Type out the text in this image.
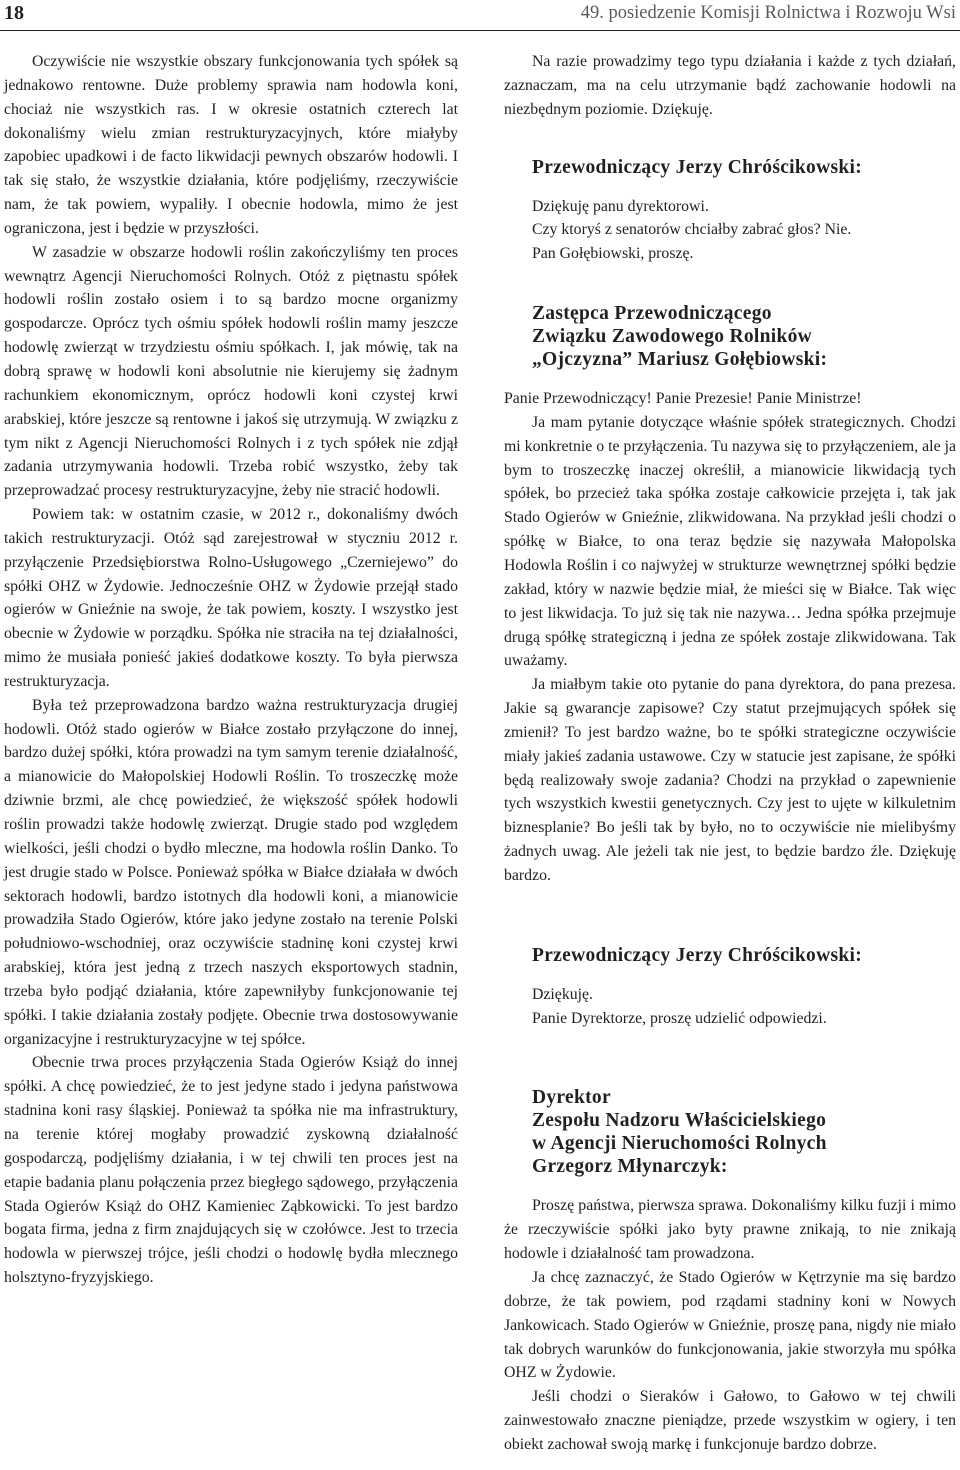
18	49. posiedzenie Komisji Rolnictwa i Rozwoju Wsi

Oczywiście nie wszystkie obszary funkcjonowania tych spółek są jednakowo rentowne. Duże problemy sprawia nam hodowla koni, chociaż nie wszystkich ras. I w okresie ostatnich czterech lat dokonaliśmy wielu zmian restrukturyzacyjnych, które miałyby zapobiec upadkowi i de facto likwidacji pewnych obszarów hodowli. I tak się stało, że wszystkie działania, które podjęliśmy, rzeczywiście nam, że tak powiem, wypaliły. I obecnie hodowla, mimo że jest ograniczona, jest i będzie w przyszłości.

W zasadzie w obszarze hodowli roślin zakończyliśmy ten proces wewnątrz Agencji Nieruchomości Rolnych. Otóż z piętnastu spółek hodowli roślin zostało osiem i to są bardzo mocne organizmy gospodarcze. Oprócz tych ośmiu spółek hodowli roślin mamy jeszcze hodowlę zwierząt w trzydziestu ośmiu spółkach. I, jak mówię, tak na dobrą sprawę w hodowli koni absolutnie nie kierujemy się żadnym rachunkiem ekonomicznym, oprócz hodowli koni czystej krwi arabskiej, które jeszcze są rentowne i jakoś się utrzymują. W związku z tym nikt z Agencji Nieruchomości Rolnych i z tych spółek nie zdjął zadania utrzymywania hodowli. Trzeba robić wszystko, żeby tak przeprowadzać procesy restrukturyzacyjne, żeby nie stracić hodowli.

Powiem tak: w ostatnim czasie, w 2012 r., dokonaliśmy dwóch takich restrukturyzacji. Otóż sąd zarejestrował w styczniu 2012 r. przyłączenie Przedsiębiorstwa Rolno-Usługowego „Czerniejewo” do spółki OHZ w Żydowie. Jednocześnie OHZ w Żydowie przejął stado ogierów w Gnieźnie na swoje, że tak powiem, koszty. I wszystko jest obecnie w Żydowie w porządku. Spółka nie straciła na tej działalności, mimo że musiała ponieść jakieś dodatkowe koszty. To była pierwsza restrukturyzacja.

Była też przeprowadzona bardzo ważna restrukturyzacja drugiej hodowli. Otóż stado ogierów w Białce zostało przyłączone do innej, bardzo dużej spółki, która prowadzi na tym samym terenie działalność, a mianowicie do Małopolskiej Hodowli Roślin. To troszeczkę może dziwnie brzmi, ale chcę powiedzieć, że większość spółek hodowli roślin prowadzi także hodowlę zwierząt. Drugie stado pod względem wielkości, jeśli chodzi o bydło mleczne, ma hodowla roślin Danko. To jest drugie stado w Polsce. Ponieważ spółka w Białce działała w dwóch sektorach hodowli, bardzo istotnych dla hodowli koni, a mianowicie prowadziła Stado Ogierów, które jako jedyne zostało na terenie Polski południowo-wschodniej, oraz oczywiście stadninę koni czystej krwi arabskiej, która jest jedną z trzech naszych eksportowych stadnin, trzeba było podjąć działania, które zapewniłyby funkcjonowanie tej spółki. I takie działania zostały podjęte. Obecnie trwa dostosowywanie organizacyjne i restrukturyzacyjne w tej spółce.

Obecnie trwa proces przyłączenia Stada Ogierów Książ do innej spółki. A chcę powiedzieć, że to jest jedyne stado i jedyna państwowa stadnina koni rasy śląskiej. Ponieważ ta spółka nie ma infrastruktury, na terenie której mogłaby prowadzić zyskowną działalność gospodarczą, podjęliśmy działania, i w tej chwili ten proces jest na etapie badania planu połączenia przez biegłego sądowego, przyłączenia Stada Ogierów Książ do OHZ Kamieniec Ząbkowicki. To jest bardzo bogata firma, jedna z firm znajdujących się w czołówce. Jest to trzecia hodowla w pierwszej trójce, jeśli chodzi o hodowlę bydła mlecznego holsztyno-fryzyjskiego.

Na razie prowadzimy tego typu działania i każde z tych działań, zaznaczam, ma na celu utrzymanie bądź zachowanie hodowli na niezbędnym poziomie. Dziękuję.

Przewodniczący Jerzy Chróścikowski:

Dziękuję panu dyrektorowi.

Czy ktoryś z senatorów chciałby zabrać głos? Nie.

Pan Gołębiowski, proszę.

Zastępca Przewodniczącego
Związku Zawodowego Rolników
„Ojczyzna” Mariusz Gołębiowski:

Panie Przewodniczący! Panie Prezesie! Panie Ministrze!

Ja mam pytanie dotyczące właśnie spółek strategicznych. Chodzi mi konkretnie o te przyłączenia. Tu nazywa się to przyłączeniem, ale ja bym to troszeczkę inaczej określił, a mianowicie likwidacją tych spółek, bo przecież taka spółka zostaje całkowicie przejęta i, tak jak Stado Ogierów w Gnieźnie, zlikwidowana. Na przykład jeśli chodzi o spółkę w Białce, to ona teraz będzie się nazywała Małopolska Hodowla Roślin i co najwyżej w strukturze wewnętrznej spółki będzie zakład, który w nazwie będzie miał, że mieści się w Białce. Tak więc to jest likwidacja. To już się tak nie nazywa… Jedna spółka przejmuje drugą spółkę strategiczną i jedna ze spółek zostaje zlikwidowana. Tak uważamy.

Ja miałbym takie oto pytanie do pana dyrektora, do pana prezesa. Jakie są gwarancje zapisowe? Czy statut przejmujących spółek się zmienił? To jest bardzo ważne, bo te spółki strategiczne oczywiście miały jakieś zadania ustawowe. Czy w statucie jest zapisane, że spółki będą realizowały swoje zadania? Chodzi na przykład o zapewnienie tych wszystkich kwestii genetycznych. Czy jest to ujęte w kilkuletnim biznesplanie? Bo jeśli tak by było, no to oczywiście nie mielibyśmy żadnych uwag. Ale jeżeli tak nie jest, to będzie bardzo źle. Dziękuję bardzo.

Przewodniczący Jerzy Chróścikowski:

Dziękuję.

Panie Dyrektorze, proszę udzielić odpowiedzi.

Dyrektor
Zespołu Nadzoru Właścicielskiego
w Agencji Nieruchomości Rolnych
Grzegorz Młynarczyk:

Proszę państwa, pierwsza sprawa. Dokonaliśmy kilku fuzji i mimo że rzeczywiście spółki jako byty prawne znikają, to nie znikają hodowle i działalność tam prowadzona.

Ja chcę zaznaczyć, że Stado Ogierów w Kętrzynie ma się bardzo dobrze, że tak powiem, pod rządami stadniny koni w Nowych Jankowicach. Stado Ogierów w Gnieźnie, proszę pana, nigdy nie miało tak dobrych warunków do funkcjonowania, jakie stworzyła mu spółka OHZ w Żydowie.

Jeśli chodzi o Sieraków i Gałowo, to Gałowo w tej chwili zainwestowało znaczne pieniądze, przede wszystkim w ogiery, i ten obiekt zachował swoją markę i funkcjonuje bardzo dobrze.
